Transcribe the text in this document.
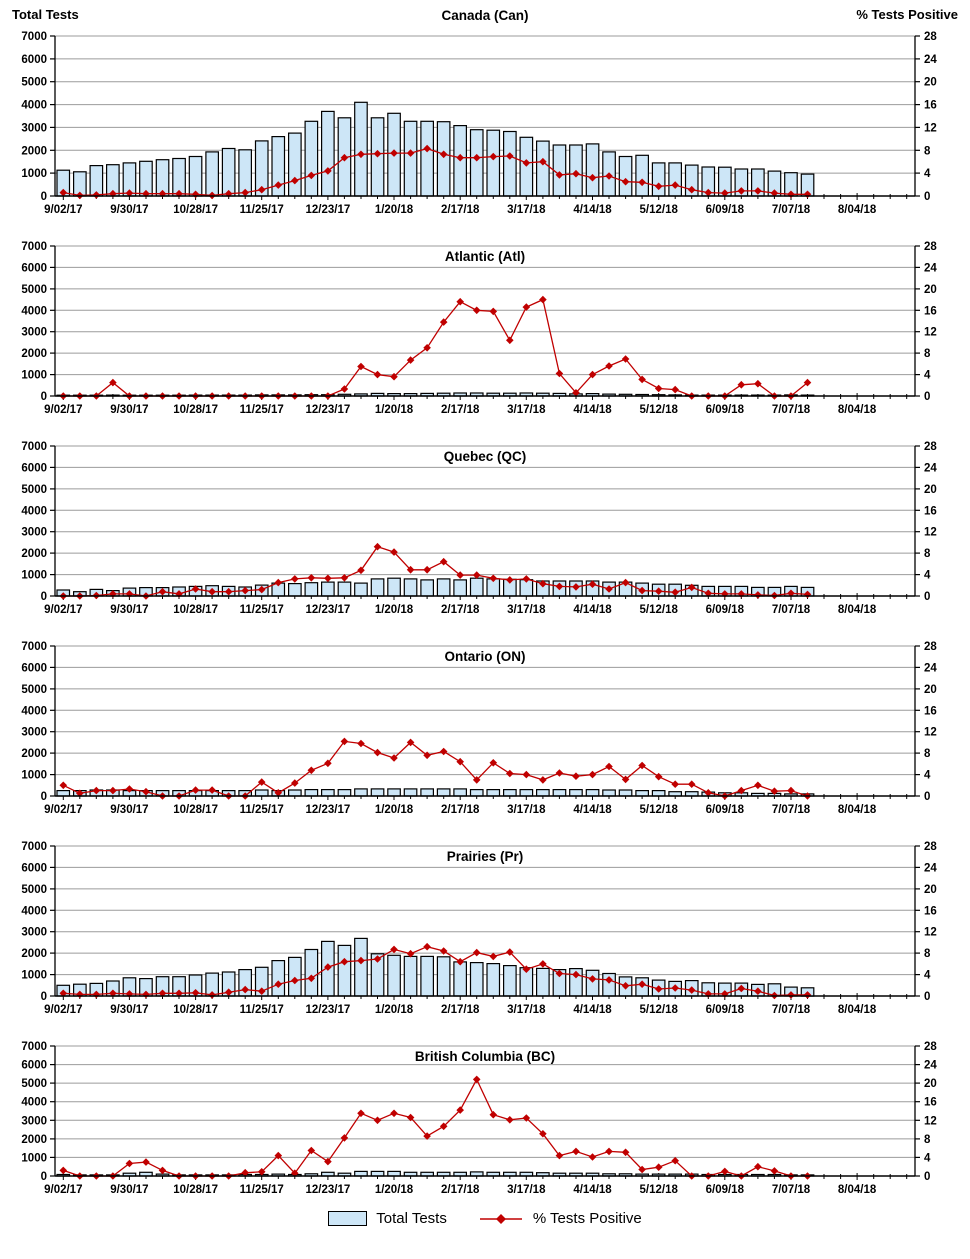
7000
6000
5000
4000
3000
2000
1000
0
28
24
20
16
12
8
4
0
9/02/17 9/30/17 10/28/17 11/25/17 12/23/17 1/20/18 2/17/18 3/17/18 4/14/18 5/12/18 6/09/18 7/07/18 8/04/18
Canada (Can)
Total Tests	% Tests Positive
7000
6000
5000
4000
3000
2000
1000
0
28
24
20
16
12
8
4
0
9/02/17 9/30/17 10/28/17 11/25/17 12/23/17 1/20/18 2/17/18 3/17/18 4/14/18 5/12/18 6/09/18 7/07/18 8/04/18
Atlantic (Atl)
7000
6000
5000
4000
3000
2000
1000
0
28
24
20
16
12
8
4
0
9/02/17 9/30/17 10/28/17 11/25/17 12/23/17 1/20/18 2/17/18 3/17/18 4/14/18 5/12/18 6/09/18 7/07/18 8/04/18
Quebec (QC)
7000
6000
5000
4000
3000
2000
1000
0
28
24
20
16
12
8
4
0
9/02/17 9/30/17 10/28/17 11/25/17 12/23/17 1/20/18 2/17/18 3/17/18 4/14/18 5/12/18 6/09/18 7/07/18 8/04/18
Ontario (ON)
7000
6000
5000
4000
3000
2000
1000
0
28
24
20
16
12
8
4
0
9/02/17 9/30/17 10/28/17 11/25/17 12/23/17 1/20/18 2/17/18 3/17/18 4/14/18 5/12/18 6/09/18 7/07/18 8/04/18
Prairies (Pr)
7000
6000
5000
4000
3000
2000
1000
0
28
24
20
16
12
8
4
0
9/02/17 9/30/17 10/28/17 11/25/17 12/23/17 1/20/18 2/17/18 3/17/18 4/14/18 5/12/18 6/09/18 7/07/18 8/04/18
British Columbia (BC)
Total Tests	% Tests Positive
